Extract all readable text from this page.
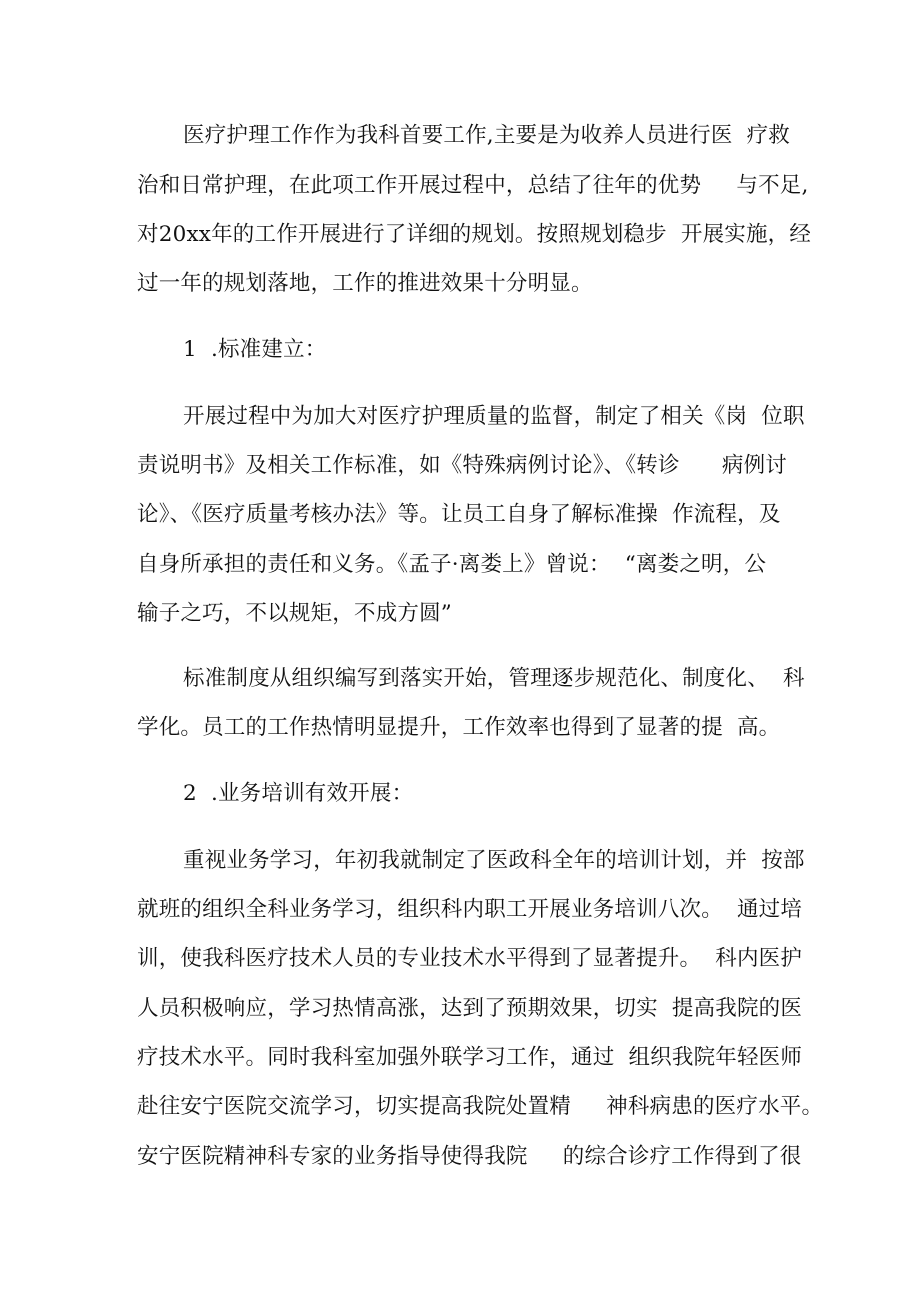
医疗护理工作作为我科首要工作,主要是为收养人员进行医  疗救
治和日常护理，在此项工作开展过程中，总结了往年的优势     与不足,
对20xx年的工作开展进行了详细的规划。按照规划稳步  开展实施，经
过一年的规划落地，工作的推进效果十分明显。
1  .标准建立：
开展过程中为加大对医疗护理质量的监督，制定了相关《岗  位职
责说明书》及相关工作标准，如《特殊病例讨论》、《转诊      病例讨
论》、《医疗质量考核办法》等。让员工自身了解标准操  作流程，及
自身所承担的责任和义务。《孟子·离娄上》曾说：  “离娄之明，公
输子之巧，不以规矩，不成方圆”
标准制度从组织编写到落实开始，管理逐步规范化、制度化、  科
学化。员工的工作热情明显提升，工作效率也得到了显著的提  高。
2  .业务培训有效开展：
重视业务学习，年初我就制定了医政科全年的培训计划，并  按部
就班的组织全科业务学习，组织科内职工开展业务培训八次。  通过培
训，使我科医疗技术人员的专业技术水平得到了显著提升。  科内医护
人员积极响应，学习热情高涨，达到了预期效果，切实  提高我院的医
疗技术水平。同时我科室加强外联学习工作，通过  组织我院年轻医师
赴往安宁医院交流学习，切实提高我院处置精     神科病患的医疗水平。
安宁医院精神科专家的业务指导使得我院     的综合诊疗工作得到了很
